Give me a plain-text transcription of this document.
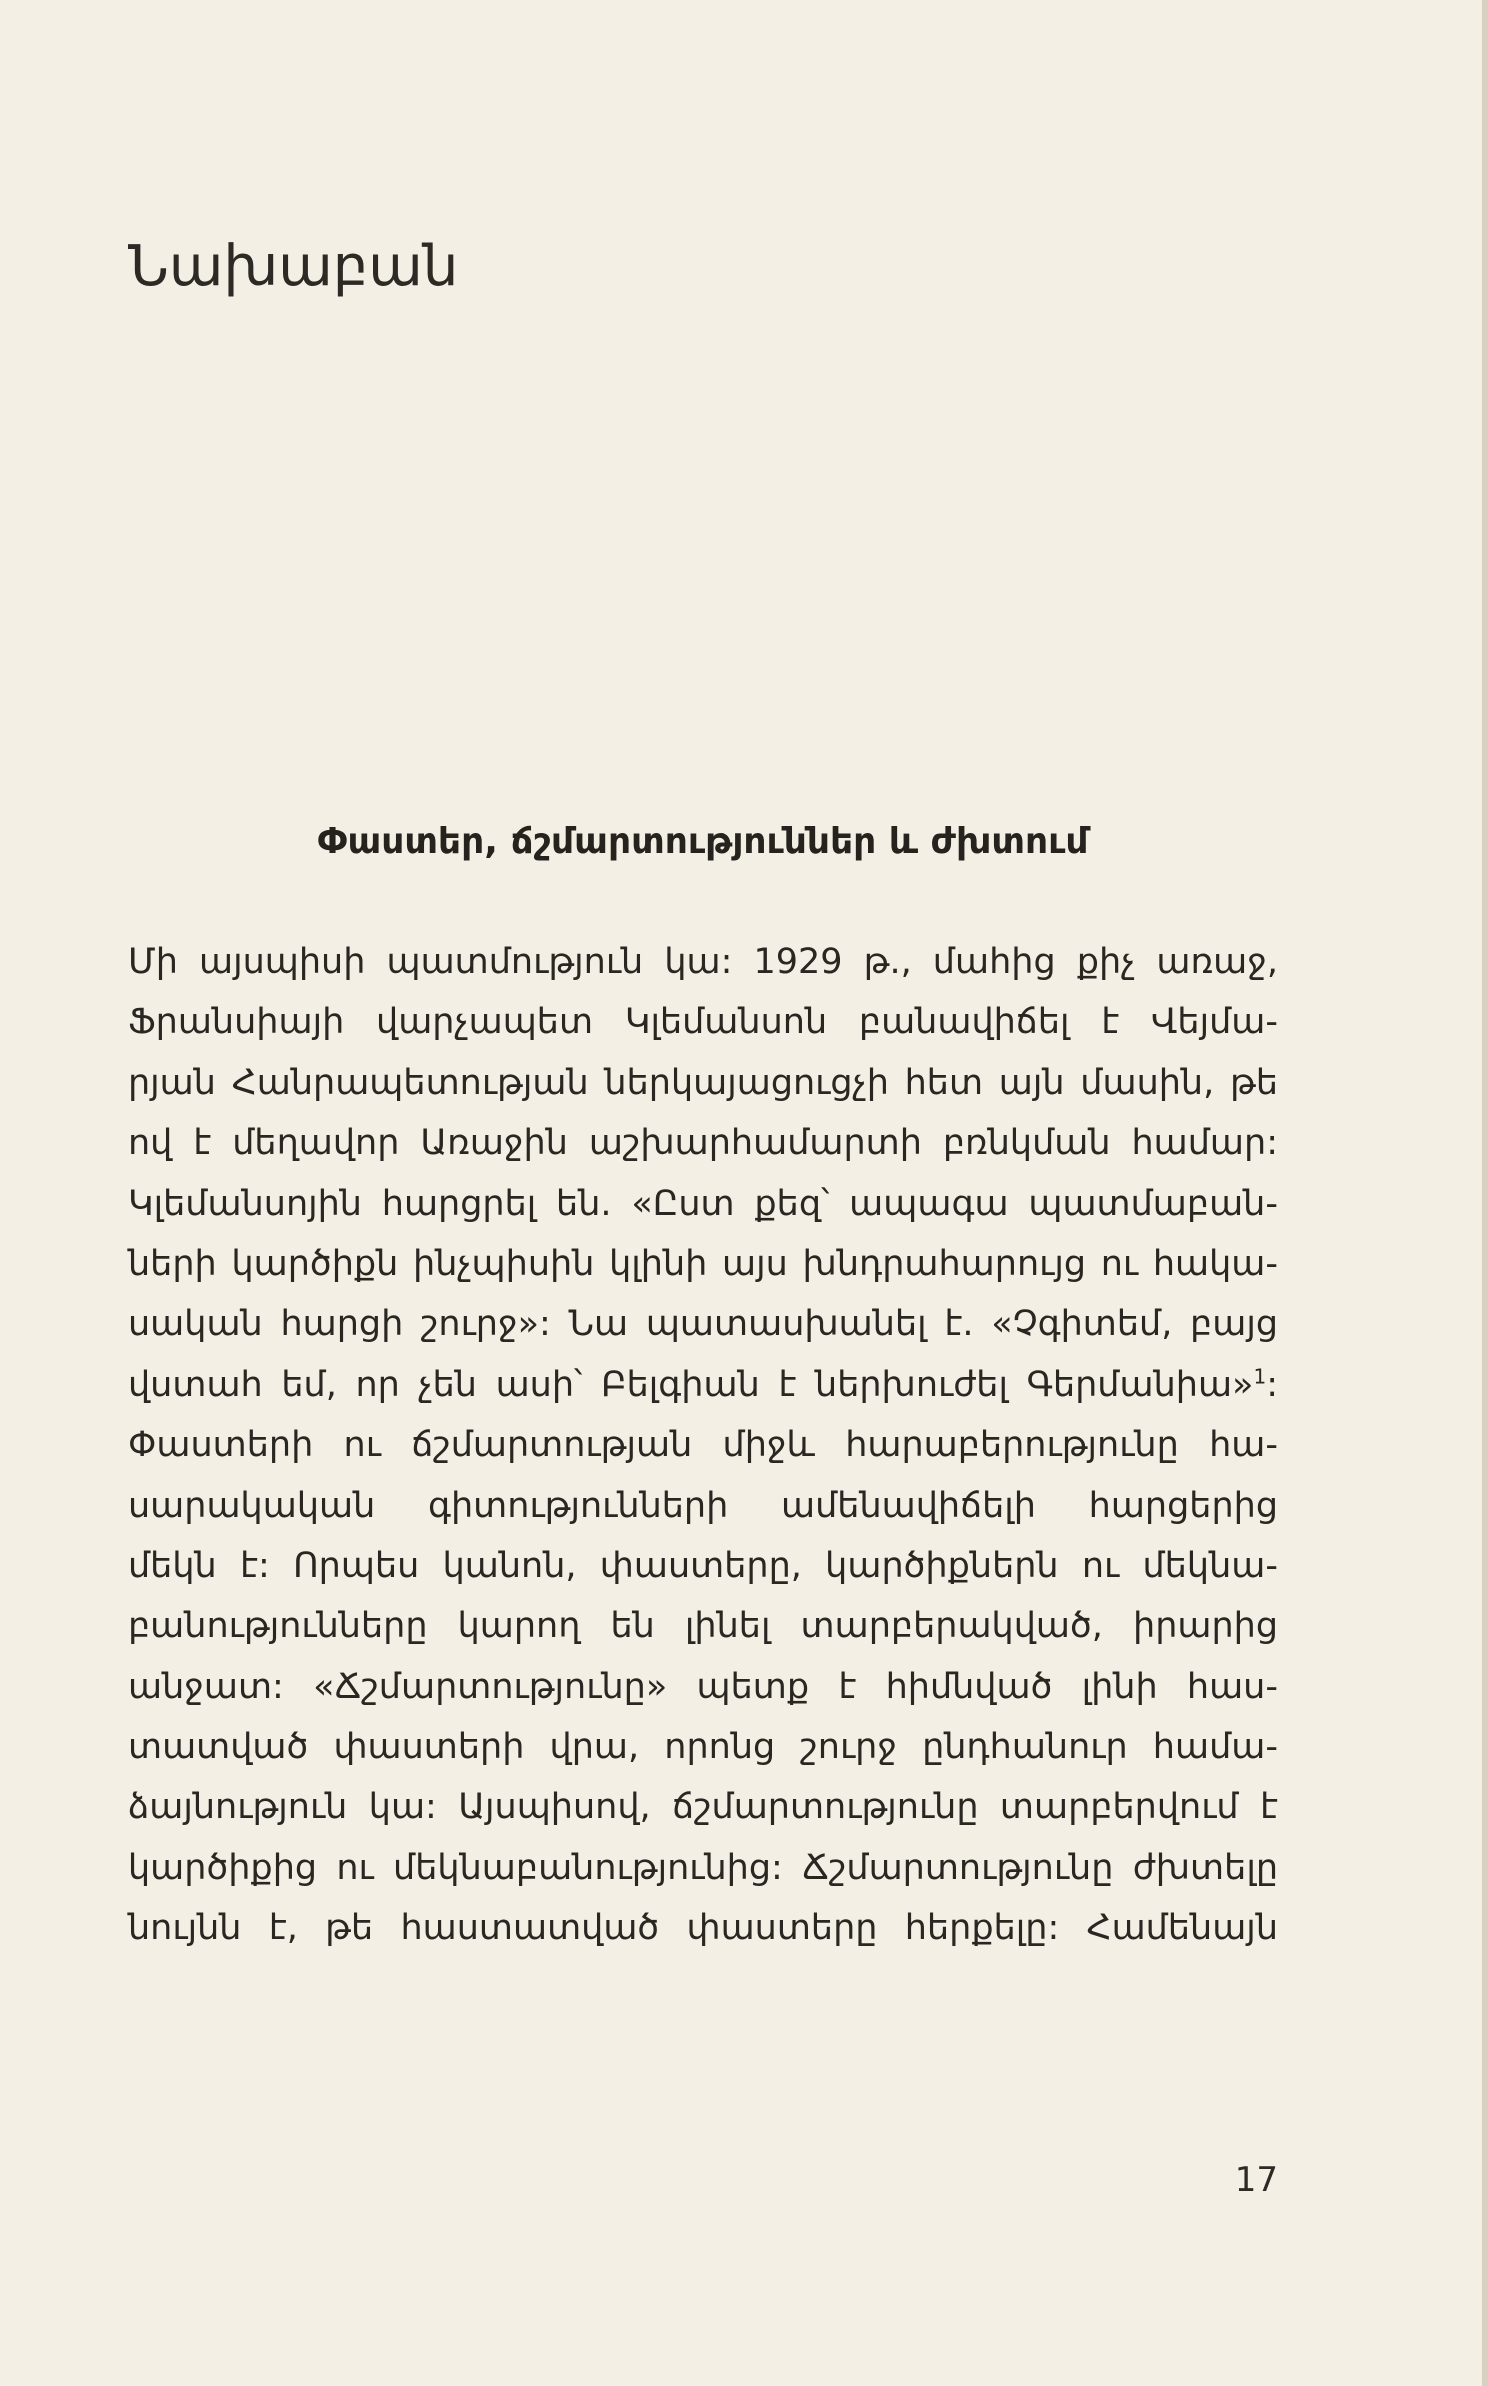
Նախաբան
Փաստեր, ճշմարտություններ և ժխտում
Մի այսպիսի պատմություն կա: 1929 թ., մահից քիչ առաջ,
Ֆրանսիայի վարչապետ Կլեմանսոն բանավիճել է Վեյմա-
րյան Հանրապետության ներկայացուցչի հետ այն մասին, թե
ով է մեղավոր Առաջին աշխարհամարտի բռնկման համար:
Կլեմանսոյին հարցրել են. «Ըստ քեզ՝ ապագա պատմաբան-
ների կարծիքն ինչպիսին կլինի այս խնդրահարույց ու հակա-
սական հարցի շուրջ»: Նա պատասխանել է. «Չգիտեմ, բայց
վստահ եմ, որ չեն ասի՝ Բելգիան է ներխուժել Գերմանիա»$^1$:
Փաստերի ու ճշմարտության միջև հարաբերությունը հա-
սարակական գիտությունների ամենավիճելի հարցերից
մեկն է: Որպես կանոն, փաստերը, կարծիքներն ու մեկնա-
բանությունները կարող են լինել տարբերակված, իրարից
անջատ: «Ճշմարտությունը» պետք է հիմնված լինի հաս-
տատված փաստերի վրա, որոնց շուրջ ընդհանուր համա-
ձայնություն կա: Այսպիսով, ճշմարտությունը տարբերվում է
կարծիքից ու մեկնաբանությունից: Ճշմարտությունը ժխտելը
նույնն է, թե հաստատված փաստերը հերքելը: Համենայն
17
